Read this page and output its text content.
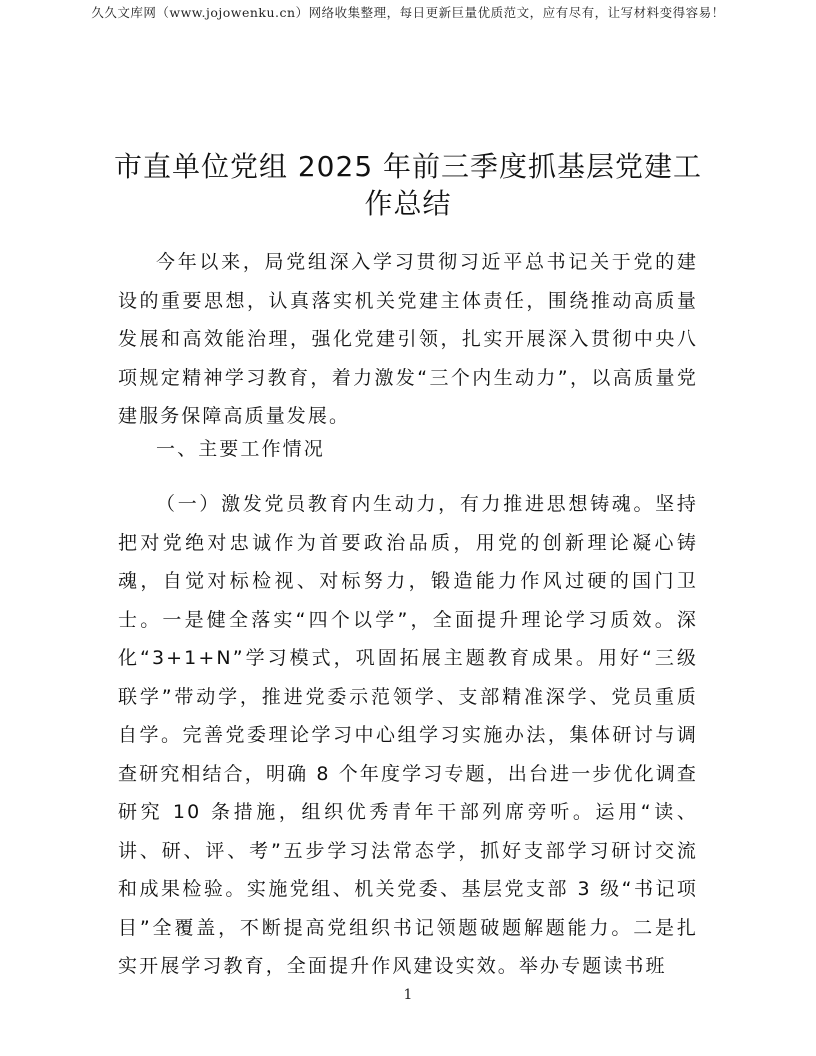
久久文库网（www.jojowenku.cn）网络收集整理，每日更新巨量优质范文，应有尽有，让写材料变得容易！
市直单位党组 2025 年前三季度抓基层党建工
作总结

今年以来，局党组深入学习贯彻习近平总书记关于党的建设的重要思想，认真落实机关党建主体责任，围绕推动高质量发展和高效能治理，强化党建引领，扎实开展深入贯彻中央八项规定精神学习教育，着力激发“三个内生动力”，以高质量党建服务保障高质量发展。

一、主要工作情况

（一）激发党员教育内生动力，有力推进思想铸魂。坚持把对党绝对忠诚作为首要政治品质，用党的创新理论凝心铸魂，自觉对标检视、对标努力，锻造能力作风过硬的国门卫士。一是健全落实“四个以学”，全面提升理论学习质效。深化“3+1+N”学习模式，巩固拓展主题教育成果。用好“三级联学”带动学，推进党委示范领学、支部精准深学、党员重质自学。完善党委理论学习中心组学习实施办法，集体研讨与调查研究相结合，明确 8 个年度学习专题，出台进一步优化调查研究 10 条措施，组织优秀青年干部列席旁听。运用“读、讲、研、评、考”五步学习法常态学，抓好支部学习研讨交流和成果检验。实施党组、机关党委、基层党支部 3 级“书记项目”全覆盖，不断提高党组织书记领题破题解题能力。二是扎实开展学习教育，全面提升作风建设实效。举办专题读书班

1
